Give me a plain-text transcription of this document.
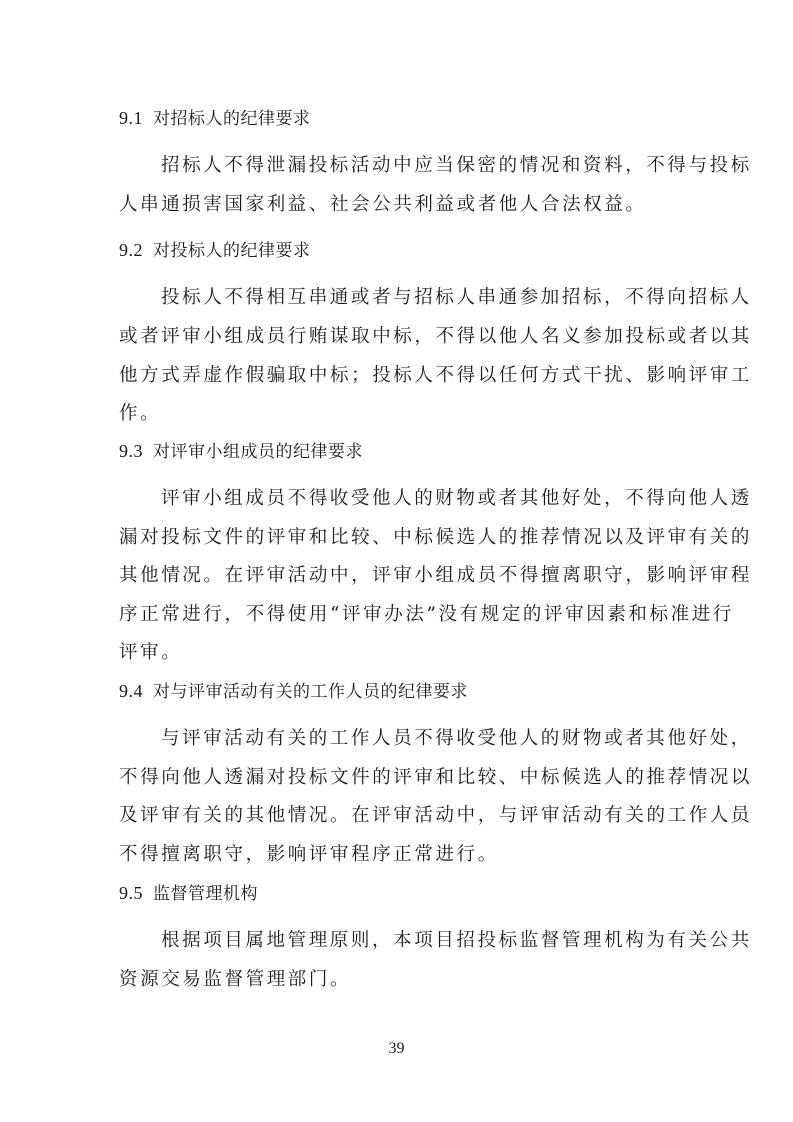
9.1 对招标人的纪律要求
招标人不得泄漏投标活动中应当保密的情况和资料，不得与投标
人串通损害国家利益、社会公共利益或者他人合法权益。
9.2 对投标人的纪律要求
投标人不得相互串通或者与招标人串通参加招标，不得向招标人
或者评审小组成员行贿谋取中标，不得以他人名义参加投标或者以其
他方式弄虚作假骗取中标；投标人不得以任何方式干扰、影响评审工
作。
9.3 对评审小组成员的纪律要求
评审小组成员不得收受他人的财物或者其他好处，不得向他人透
漏对投标文件的评审和比较、中标候选人的推荐情况以及评审有关的
其他情况。在评审活动中，评审小组成员不得擅离职守，影响评审程
序正常进行，不得使用“评审办法”没有规定的评审因素和标准进行
评审。
9.4 对与评审活动有关的工作人员的纪律要求
与评审活动有关的工作人员不得收受他人的财物或者其他好处，
不得向他人透漏对投标文件的评审和比较、中标候选人的推荐情况以
及评审有关的其他情况。在评审活动中，与评审活动有关的工作人员
不得擅离职守，影响评审程序正常进行。
9.5 监督管理机构
根据项目属地管理原则，本项目招投标监督管理机构为有关公共
资源交易监督管理部门。
39
